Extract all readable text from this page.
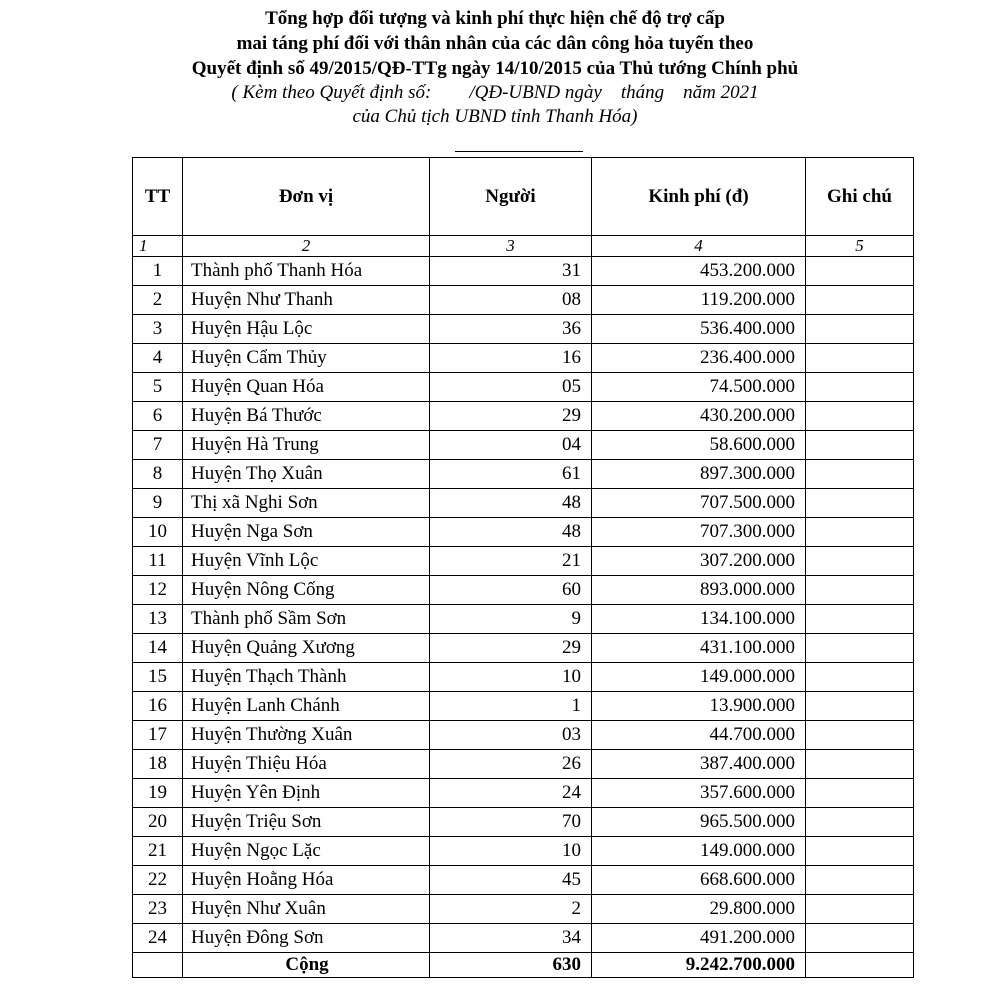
Tổng hợp đối tượng và kinh phí thực hiện chế độ trợ cấp
mai táng phí đối với thân nhân của các dân công hỏa tuyến theo
Quyết định số 49/2015/QĐ-TTg ngày 14/10/2015 của Thủ tướng Chính phủ
( Kèm theo Quyết định số:        /QĐ-UBND ngày    tháng    năm 2021
của Chủ tịch UBND tỉnh Thanh Hóa)
TT	Đơn vị	Người	Kinh phí (đ)	Ghi chú
1	2	3	4	5
1	Thành phố Thanh Hóa	31	453.200.000	
2	Huyện Như Thanh	08	119.200.000	
3	Huyện Hậu Lộc	36	536.400.000	
4	Huyện Cẩm Thủy	16	236.400.000	
5	Huyện Quan Hóa	05	74.500.000	
6	Huyện Bá Thước	29	430.200.000	
7	Huyện Hà Trung	04	58.600.000	
8	Huyện Thọ Xuân	61	897.300.000	
9	Thị xã Nghi Sơn	48	707.500.000	
10	Huyện Nga Sơn	48	707.300.000	
11	Huyện Vĩnh Lộc	21	307.200.000	
12	Huyện Nông Cống	60	893.000.000	
13	Thành phố Sầm Sơn	9	134.100.000	
14	Huyện Quảng Xương	29	431.100.000	
15	Huyện Thạch Thành	10	149.000.000	
16	Huyện Lanh Chánh	1	13.900.000	
17	Huyện Thường Xuân	03	44.700.000	
18	Huyện Thiệu Hóa	26	387.400.000	
19	Huyện Yên Định	24	357.600.000	
20	Huyện Triệu Sơn	70	965.500.000	
21	Huyện Ngọc Lặc	10	149.000.000	
22	Huyện Hoằng Hóa	45	668.600.000	
23	Huyện Như Xuân	2	29.800.000	
24	Huyện Đông Sơn	34	491.200.000	
	Cộng	630	9.242.700.000	
